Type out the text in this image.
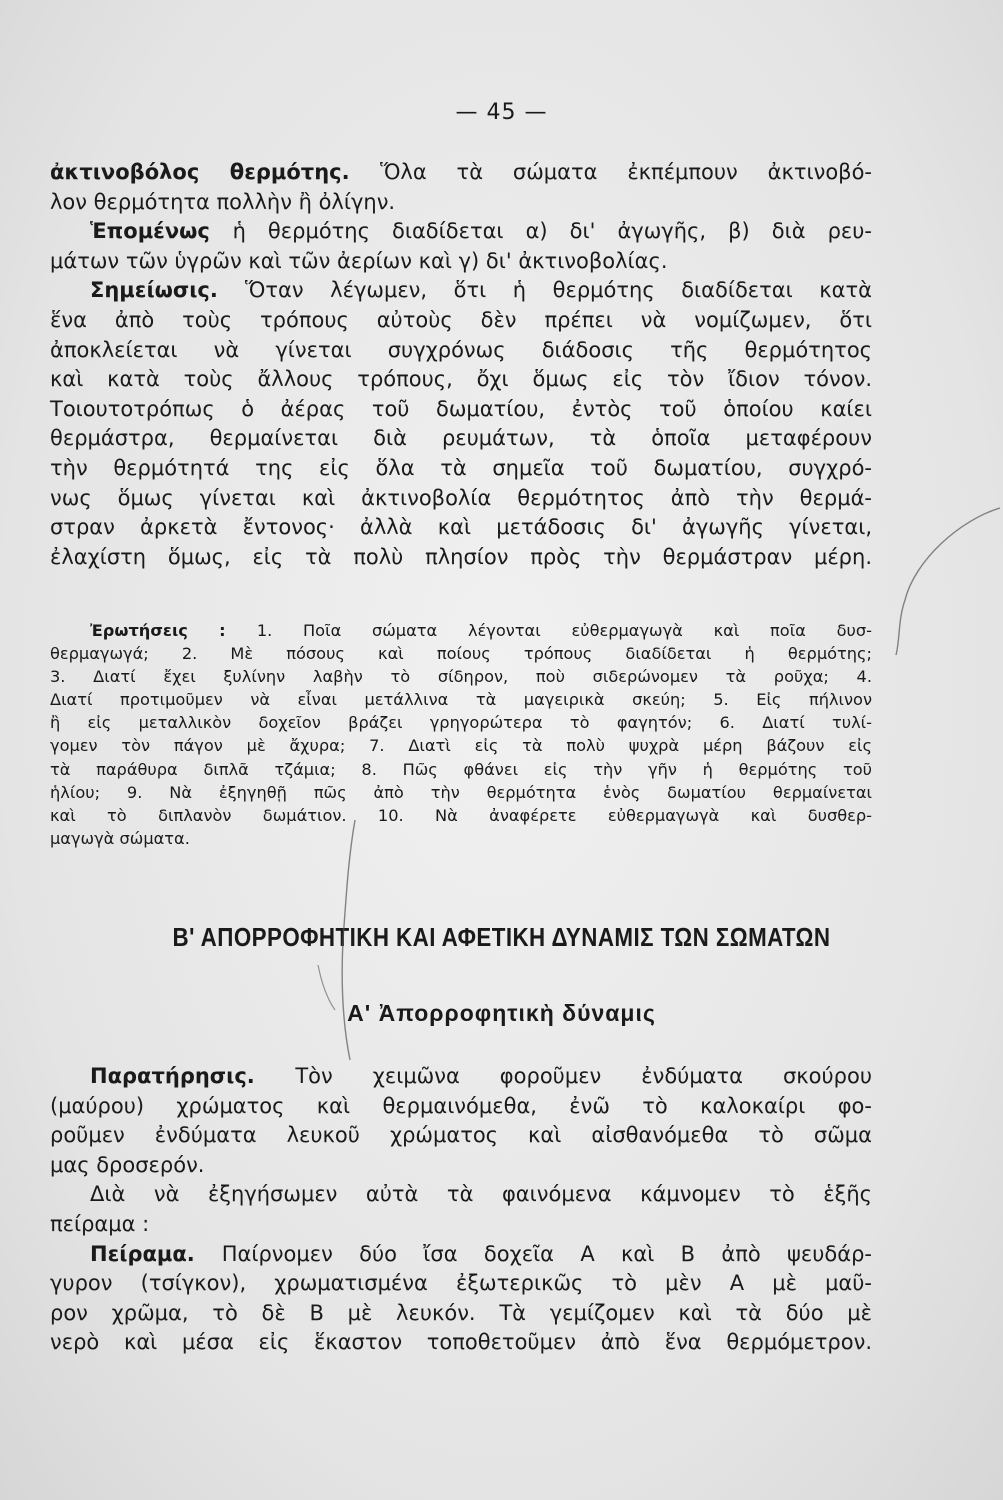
— 45 —
ἀκτινοβόλος θερμότης. Ὅλα τὰ σώματα ἐκπέμπουν ἀκτινοβό-
λον θερμότητα πολλὴν ἢ ὀλίγην.
Ἑπομένως ἡ θερμότης διαδίδεται α) δι' ἀγωγῆς, β) διὰ ρευ-
μάτων τῶν ὑγρῶν καὶ τῶν ἀερίων καὶ γ) δι' ἀκτινοβολίας.
Σημείωσις. Ὅταν λέγωμεν, ὅτι ἡ θερμότης διαδίδεται κατὰ
ἕνα ἀπὸ τοὺς τρόπους αὐτοὺς δὲν πρέπει νὰ νομίζωμεν, ὅτι
ἀποκλείεται νὰ γίνεται συγχρόνως διάδοσις τῆς θερμότητος
καὶ κατὰ τοὺς ἄλλους τρόπους, ὄχι ὅμως εἰς τὸν ἴδιον τόνον.
Τοιουτοτρόπως ὁ ἀέρας τοῦ δωματίου, ἐντὸς τοῦ ὁποίου καίει
θερμάστρα, θερμαίνεται διὰ ρευμάτων, τὰ ὁποῖα μεταφέρουν
τὴν θερμότητά της εἰς ὅλα τὰ σημεῖα τοῦ δωματίου, συγχρό-
νως ὅμως γίνεται καὶ ἀκτινοβολία θερμότητος ἀπὸ τὴν θερμά-
στραν ἀρκετὰ ἔντονος· ἀλλὰ καὶ μετάδοσις δι' ἀγωγῆς γίνεται,
ἐλαχίστη ὅμως, εἰς τὰ πολὺ πλησίον πρὸς τὴν θερμάστραν μέρη.
Ἐρωτήσεις : 1. Ποῖα σώματα λέγονται εὐθερμαγωγὰ καὶ ποῖα δυσ-
θερμαγωγά; 2. Μὲ πόσους καὶ ποίους τρόπους διαδίδεται ἡ θερμότης;
3. Διατί ἔχει ξυλίνην λαβὴν τὸ σίδηρον, ποὺ σιδερώνομεν τὰ ροῦχα; 4.
Διατί προτιμοῦμεν νὰ εἶναι μετάλλινα τὰ μαγειρικὰ σκεύη; 5. Εἰς πήλινον
ἢ εἰς μεταλλικὸν δοχεῖον βράζει γρηγορώτερα τὸ φαγητόν; 6. Διατί τυλί-
γομεν τὸν πάγον μὲ ἄχυρα; 7. Διατὶ εἰς τὰ πολὺ ψυχρὰ μέρη βάζουν εἰς
τὰ παράθυρα διπλᾶ τζάμια; 8. Πῶς φθάνει εἰς τὴν γῆν ἡ θερμότης τοῦ
ἡλίου; 9. Νὰ ἐξηγηθῇ πῶς ἀπὸ τὴν θερμότητα ἑνὸς δωματίου θερμαίνεται
καὶ τὸ διπλανὸν δωμάτιον. 10. Νὰ ἀναφέρετε εὐθερμαγωγὰ καὶ δυσθερ-
μαγωγὰ σώματα.
Β' ΑΠΟΡΡΟΦΗΤΙΚΗ ΚΑΙ ΑΦΕΤΙΚΗ ΔΥΝΑΜΙΣ ΤΩΝ ΣΩΜΑΤΩΝ
Α' Ἀπορροφητικὴ δύναμις
Παρατήρησις. Τὸν χειμῶνα φοροῦμεν ἐνδύματα σκούρου
(μαύρου) χρώματος καὶ θερμαινόμεθα, ἐνῶ τὸ καλοκαίρι φο-
ροῦμεν ἐνδύματα λευκοῦ χρώματος καὶ αἰσθανόμεθα τὸ σῶμα
μας δροσερόν.
Διὰ νὰ ἐξηγήσωμεν αὐτὰ τὰ φαινόμενα κάμνομεν τὸ ἑξῆς
πείραμα :
Πείραμα. Παίρνομεν δύο ἴσα δοχεῖα Α καὶ Β ἀπὸ ψευδάρ-
γυρον (τσίγκον), χρωματισμένα ἐξωτερικῶς τὸ μὲν Α μὲ μαῦ-
ρον χρῶμα, τὸ δὲ Β μὲ λευκόν. Τὰ γεμίζομεν καὶ τὰ δύο μὲ
νερὸ καὶ μέσα εἰς ἕκαστον τοποθετοῦμεν ἀπὸ ἕνα θερμόμετρον.
